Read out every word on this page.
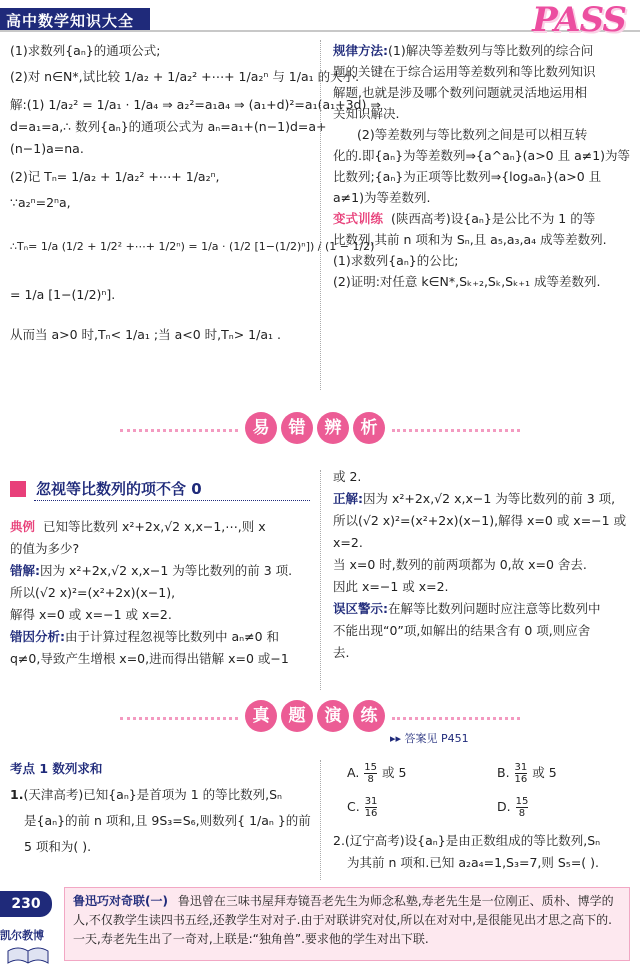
高中数学知识大全	PASS
(1)求数列{aₙ}的通项公式;
(2)对 n∈N*,试比较 1/a₂ + 1/a₂² +⋯+ 1/a₂ⁿ 与 1/a₁ 的大小.
解:(1) 1/a₂² = 1/a₁ · 1/a₄ ⇒ a₂²=a₁a₄ ⇒ (a₁+d)²=a₁(a₁+3d) ⇒
d=a₁=a,∴ 数列{aₙ}的通项公式为 aₙ=a₁+(n−1)d=a+
(n−1)a=na.
(2)记 Tₙ= 1/a₂ + 1/a₂² +⋯+ 1/a₂ⁿ,
∵a₂ⁿ=2ⁿa,
∴Tₙ= 1/a (1/2 + 1/2² +⋯+ 1/2ⁿ) = 1/a · (1/2 [1−(1/2)ⁿ]) / (1 − 1/2)
= 1/a [1−(1/2)ⁿ].
从而当 a>0 时,Tₙ< 1/a₁ ;当 a<0 时,Tₙ> 1/a₁ .
规律方法:(1)解决等差数列与等比数列的综合问
题的关键在于综合运用等差数列和等比数列知识
解题,也就是涉及哪个数列问题就灵活地运用相
关知识解决.
(2)等差数列与等比数列之间是可以相互转
化的.即{aₙ}为等差数列⇒{a^aₙ}(a>0 且 a≠1)为等
比数列;{aₙ}为正项等比数列⇒{logₐaₙ}(a>0 且
a≠1)为等差数列.
变式训练 (陕西高考)设{aₙ}是公比不为 1 的等
比数列,其前 n 项和为 Sₙ,且 a₅,a₃,a₄ 成等差数列.
(1)求数列{aₙ}的公比;
(2)证明:对任意 k∈N*,Sₖ₊₂,Sₖ,Sₖ₊₁ 成等差数列.
易	错	辨	析
忽视等比数列的项不含 0
典例 已知等比数列 x²+2x,√2 x,x−1,⋯,则 x
的值为多少?
错解:因为 x²+2x,√2 x,x−1 为等比数列的前 3 项.
所以(√2 x)²=(x²+2x)(x−1),
解得 x=0 或 x=−1 或 x=2.
错因分析:由于计算过程忽视等比数列中 aₙ≠0 和
q≠0,导致产生增根 x=0,进而得出错解 x=0 或−1
或 2.
正解:因为 x²+2x,√2 x,x−1 为等比数列的前 3 项,
所以(√2 x)²=(x²+2x)(x−1),解得 x=0 或 x=−1 或
x=2.
当 x=0 时,数列的前两项都为 0,故 x=0 舍去.
因此 x=−1 或 x=2.
误区警示:在解等比数列问题时应注意等比数列中
不能出现“0”项,如解出的结果含有 0 项,则应舍
去.
真	题	演	练
▸▸ 答案见 P451
考点 1 数列求和
1.(天津高考)已知{aₙ}是首项为 1 的等比数列,Sₙ
是{aₙ}的前 n 项和,且 9S₃=S₆,则数列{ 1/aₙ }的前
5 项和为( ).
A. $\frac{15}{8}$ 或 5	B. $\frac{31}{16}$ 或 5
C. $\frac{31}{16}$	D. $\frac{15}{8}$
2.(辽宁高考)设{aₙ}是由正数组成的等比数列,Sₙ
为其前 n 项和.已知 a₂a₄=1,S₃=7,则 S₅=( ).
230
凯尔教博
鲁迅巧对奇联(一) 鲁迅曾在三味书屋拜寿镜吾老先生为师念私塾,寿老先生是一位刚正、质朴、博学的人,不仅教学生读四书五经,还教学生对对子.由于对联讲究对仗,所以在对对中,是很能见出才思之高下的.一天,寿老先生出了一奇对,上联是:“独角兽”.要求他的学生对出下联.
